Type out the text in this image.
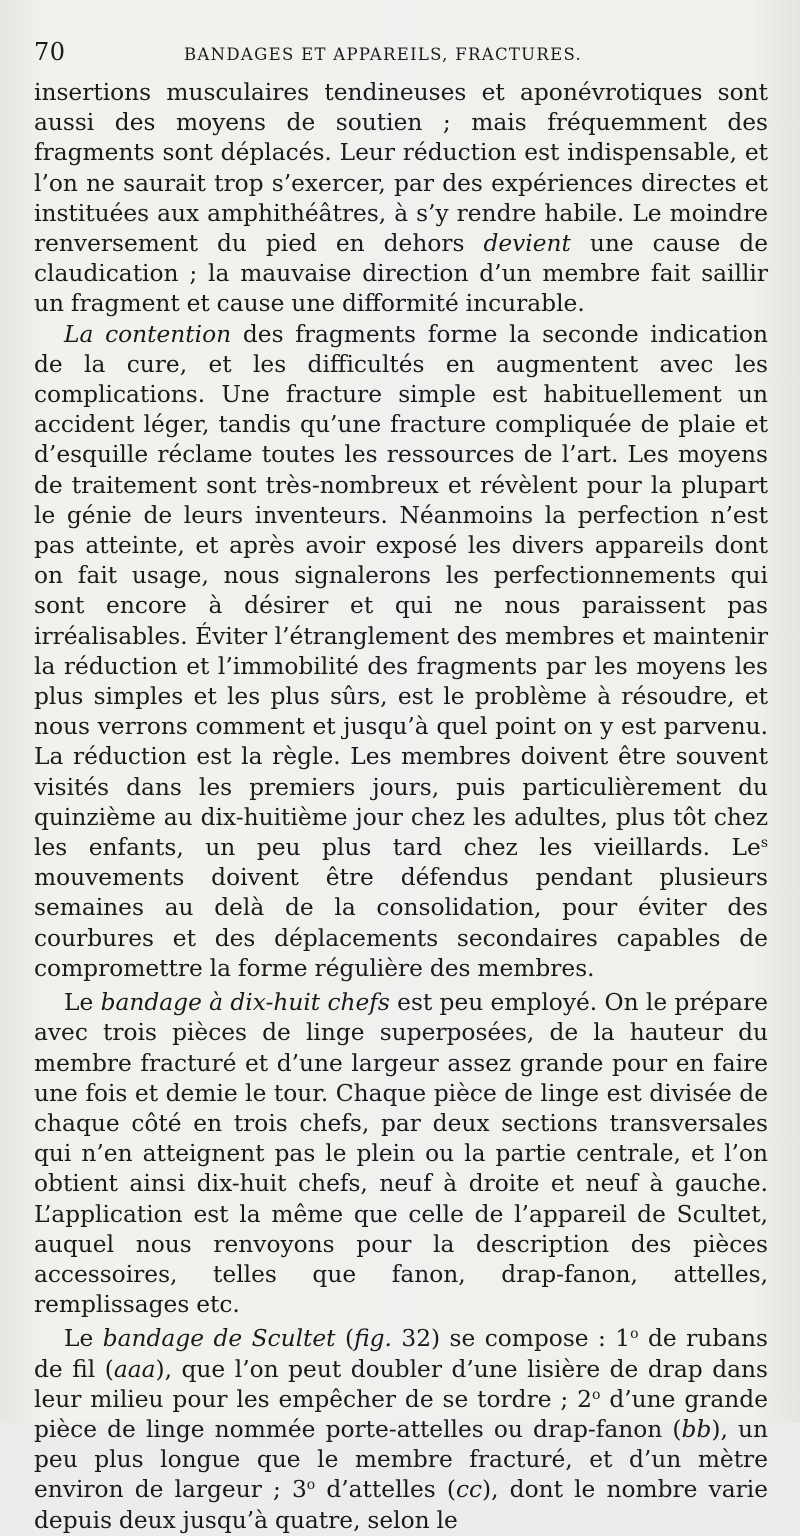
70	BANDAGES ET APPAREILS, FRACTURES.

insertions musculaires tendineuses et aponévrotiques sont aussi des moyens de soutien ; mais fréquemment des fragments sont déplacés. Leur réduction est indispensable, et l’on ne saurait trop s’exercer, par des expériences directes et instituées aux amphithéâtres, à s’y rendre habile. Le moindre renversement du pied en dehors devient une cause de claudication ; la mauvaise direction d’un membre fait saillir un fragment et cause une difformité incurable.

La contention des fragments forme la seconde indication de la cure, et les difficultés en augmentent avec les complications. Une fracture simple est habituellement un accident léger, tandis qu’une fracture compliquée de plaie et d’esquille réclame toutes les ressources de l’art. Les moyens de traitement sont très-nombreux et révèlent pour la plupart le génie de leurs inventeurs. Néanmoins la perfection n’est pas atteinte, et après avoir exposé les divers appareils dont on fait usage, nous signalerons les perfectionnements qui sont encore à désirer et qui ne nous paraissent pas irréalisables. Éviter l’étranglement des membres et maintenir la réduction et l’immobilité des fragments par les moyens les plus simples et les plus sûrs, est le problème à résoudre, et nous verrons comment et jusqu’à quel point on y est parvenu. La réduction est la règle. Les membres doivent être souvent visités dans les premiers jours, puis particulièrement du quinzième au dix-huitième jour chez les adultes, plus tôt chez les enfants, un peu plus tard chez les vieillards. Le$^s$ mouvements doivent être défendus pendant plusieurs semaines au delà de la consolidation, pour éviter des courbures et des déplacements secondaires capables de compromettre la forme régulière des membres.

Le bandage à dix-huit chefs est peu employé. On le prépare avec trois pièces de linge superposées, de la hauteur du membre fracturé et d’une largeur assez grande pour en faire une fois et demie le tour. Chaque pièce de linge est divisée de chaque côté en trois chefs, par deux sections transversales qui n’en atteignent pas le plein ou la partie centrale, et l’on obtient ainsi dix-huit chefs, neuf à droite et neuf à gauche. L’application est la même que celle de l’appareil de Scultet, auquel nous renvoyons pour la description des pièces accessoires, telles que fanon, drap-fanon, attelles, remplissages etc.

Le bandage de Scultet (fig. 32) se compose : 1$^o$ de rubans de fil (aaa), que l’on peut doubler d’une lisière de drap dans leur milieu pour les empêcher de se tordre ; 2$^o$ d’une grande pièce de linge nommée porte-attelles ou drap-fanon (bb), un peu plus longue que le membre fracturé, et d’un mètre environ de largeur ; 3$^o$ d’attelles (cc), dont le nombre varie depuis deux jusqu’à quatre, selon le
